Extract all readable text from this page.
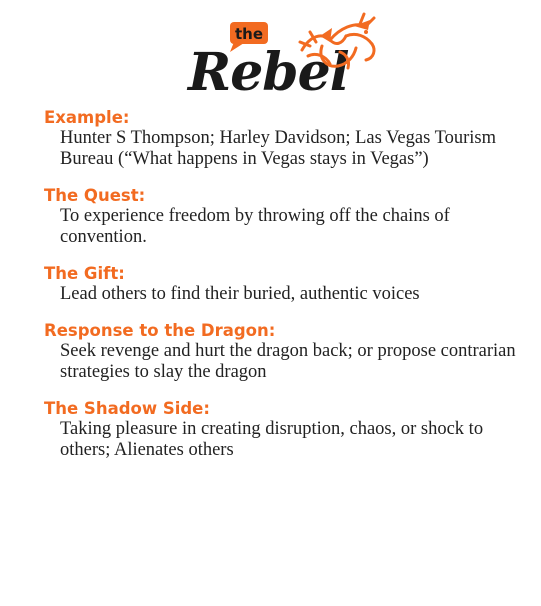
the
Rebel

Example:

Hunter S Thompson; Harley Davidson; Las Vegas Tourism Bureau (“What happens in Vegas stays in Vegas”)

The Quest:

To experience freedom by throwing off the chains of convention.

The Gift:

Lead others to find their buried, authentic voices

Response to the Dragon:

Seek revenge and hurt the dragon back; or propose contrarian strategies to slay the dragon

The Shadow Side:

Taking pleasure in creating disruption, chaos, or shock to others; Alienates others
